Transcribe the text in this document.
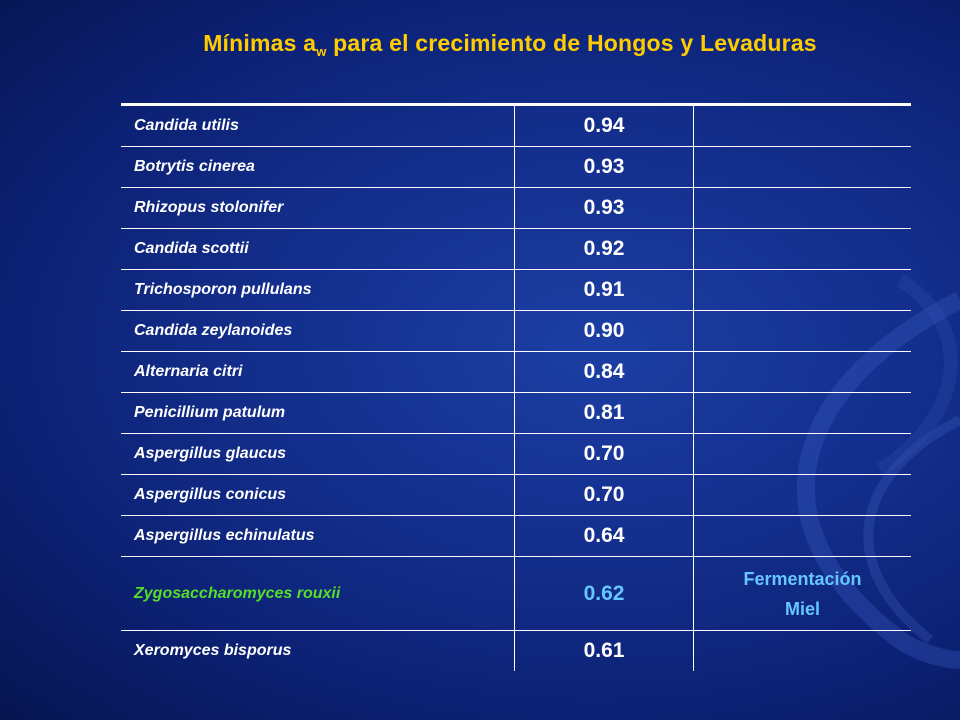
Mínimas $a_w$ para el crecimiento de Hongos y Levaduras
Candida utilis	0.94	
Botrytis cinerea	0.93	
Rhizopus stolonifer	0.93	
Candida scottii	0.92	
Trichosporon pullulans	0.91	
Candida zeylanoides	0.90	
Alternaria citri	0.84	
Penicillium patulum	0.81	
Aspergillus glaucus	0.70	
Aspergillus conicus	0.70	
Aspergillus echinulatus	0.64	
Zygosaccharomyces rouxii	0.62	Fermentación
Miel

Xeromyces bisporus	0.61	
